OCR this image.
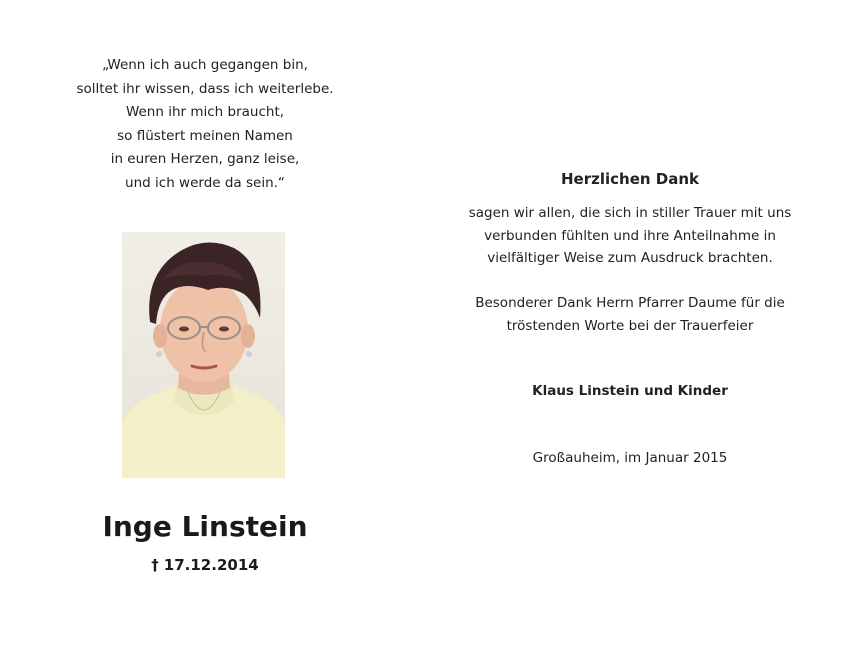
„Wenn ich auch gegangen bin,
solltet ihr wissen, dass ich weiterlebe.
Wenn ihr mich braucht,
so flüstert meinen Namen
in euren Herzen, ganz leise,
und ich werde da sein.“
Inge Linstein
† 17.12.2014
Herzlichen Dank
sagen wir allen, die sich in stiller Trauer mit uns
verbunden fühlten und ihre Anteilnahme in
vielfältiger Weise zum Ausdruck brachten.
Besonderer Dank Herrn Pfarrer Daume für die
tröstenden Worte bei der Trauerfeier
Klaus Linstein und Kinder
Großauheim, im Januar 2015
